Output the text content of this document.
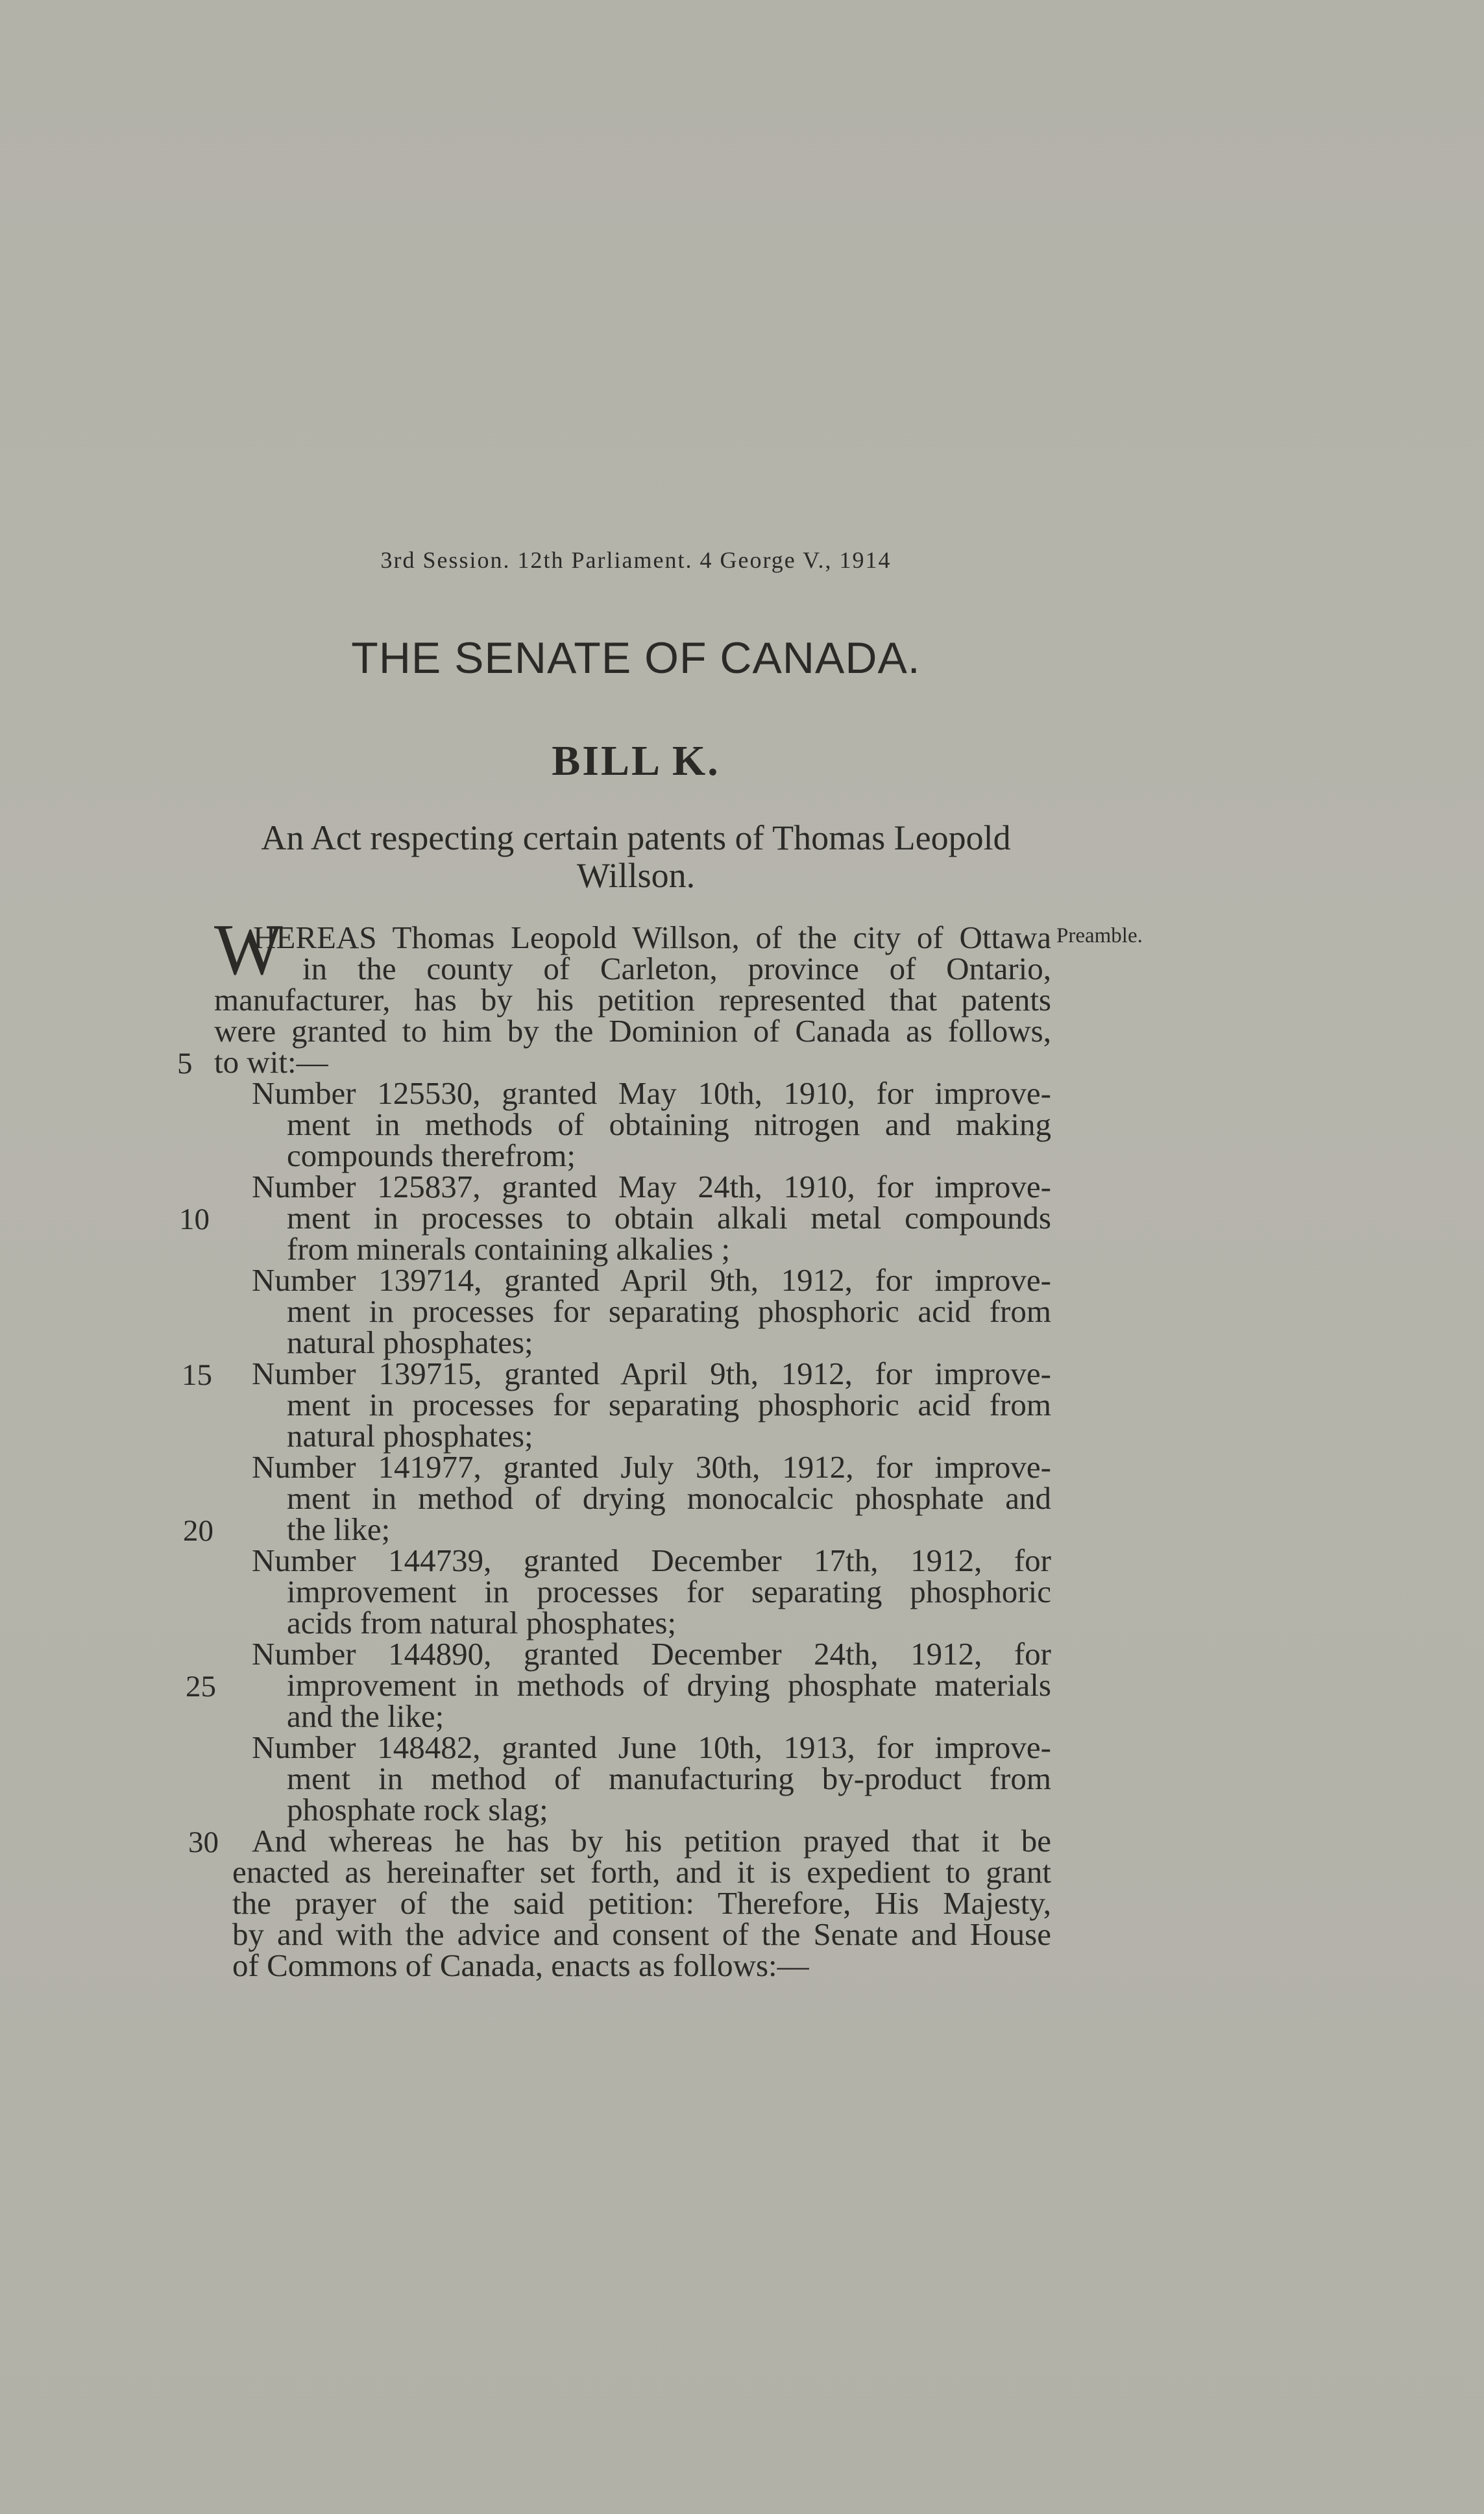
3rd Session. 12th Parliament. 4 George V., 1914
THE SENATE OF CANADA.
BILL K.
An Act respecting certain patents of Thomas Leopold
Willson.
Preamble.
W
HEREAS Thomas Leopold Willson, of the city of Ottawa
in the county of Carleton, province of Ontario,
manufacturer, has by his petition represented that patents
were granted to him by the Dominion of Canada as follows,
to wit:—
Number 125530, granted May 10th, 1910, for improve-
ment in methods of obtaining nitrogen and making
compounds therefrom;
Number 125837, granted May 24th, 1910, for improve-
ment in processes to obtain alkali metal compounds
from minerals containing alkalies ;
Number 139714, granted April 9th, 1912, for improve-
ment in processes for separating phosphoric acid from
natural phosphates;
Number 139715, granted April 9th, 1912, for improve-
ment in processes for separating phosphoric acid from
natural phosphates;
Number 141977, granted July 30th, 1912, for improve-
ment in method of drying monocalcic phosphate and
the like;
Number 144739, granted December 17th, 1912, for
improvement in processes for separating phosphoric
acids from natural phosphates;
Number 144890, granted December 24th, 1912, for
improvement in methods of drying phosphate materials
and the like;
Number 148482, granted June 10th, 1913, for improve-
ment in method of manufacturing by-product from
phosphate rock slag;
And whereas he has by his petition prayed that it be
enacted as hereinafter set forth, and it is expedient to grant
the prayer of the said petition: Therefore, His Majesty,
by and with the advice and consent of the Senate and House
of Commons of Canada, enacts as follows:—
5
10
15
20
25
30
